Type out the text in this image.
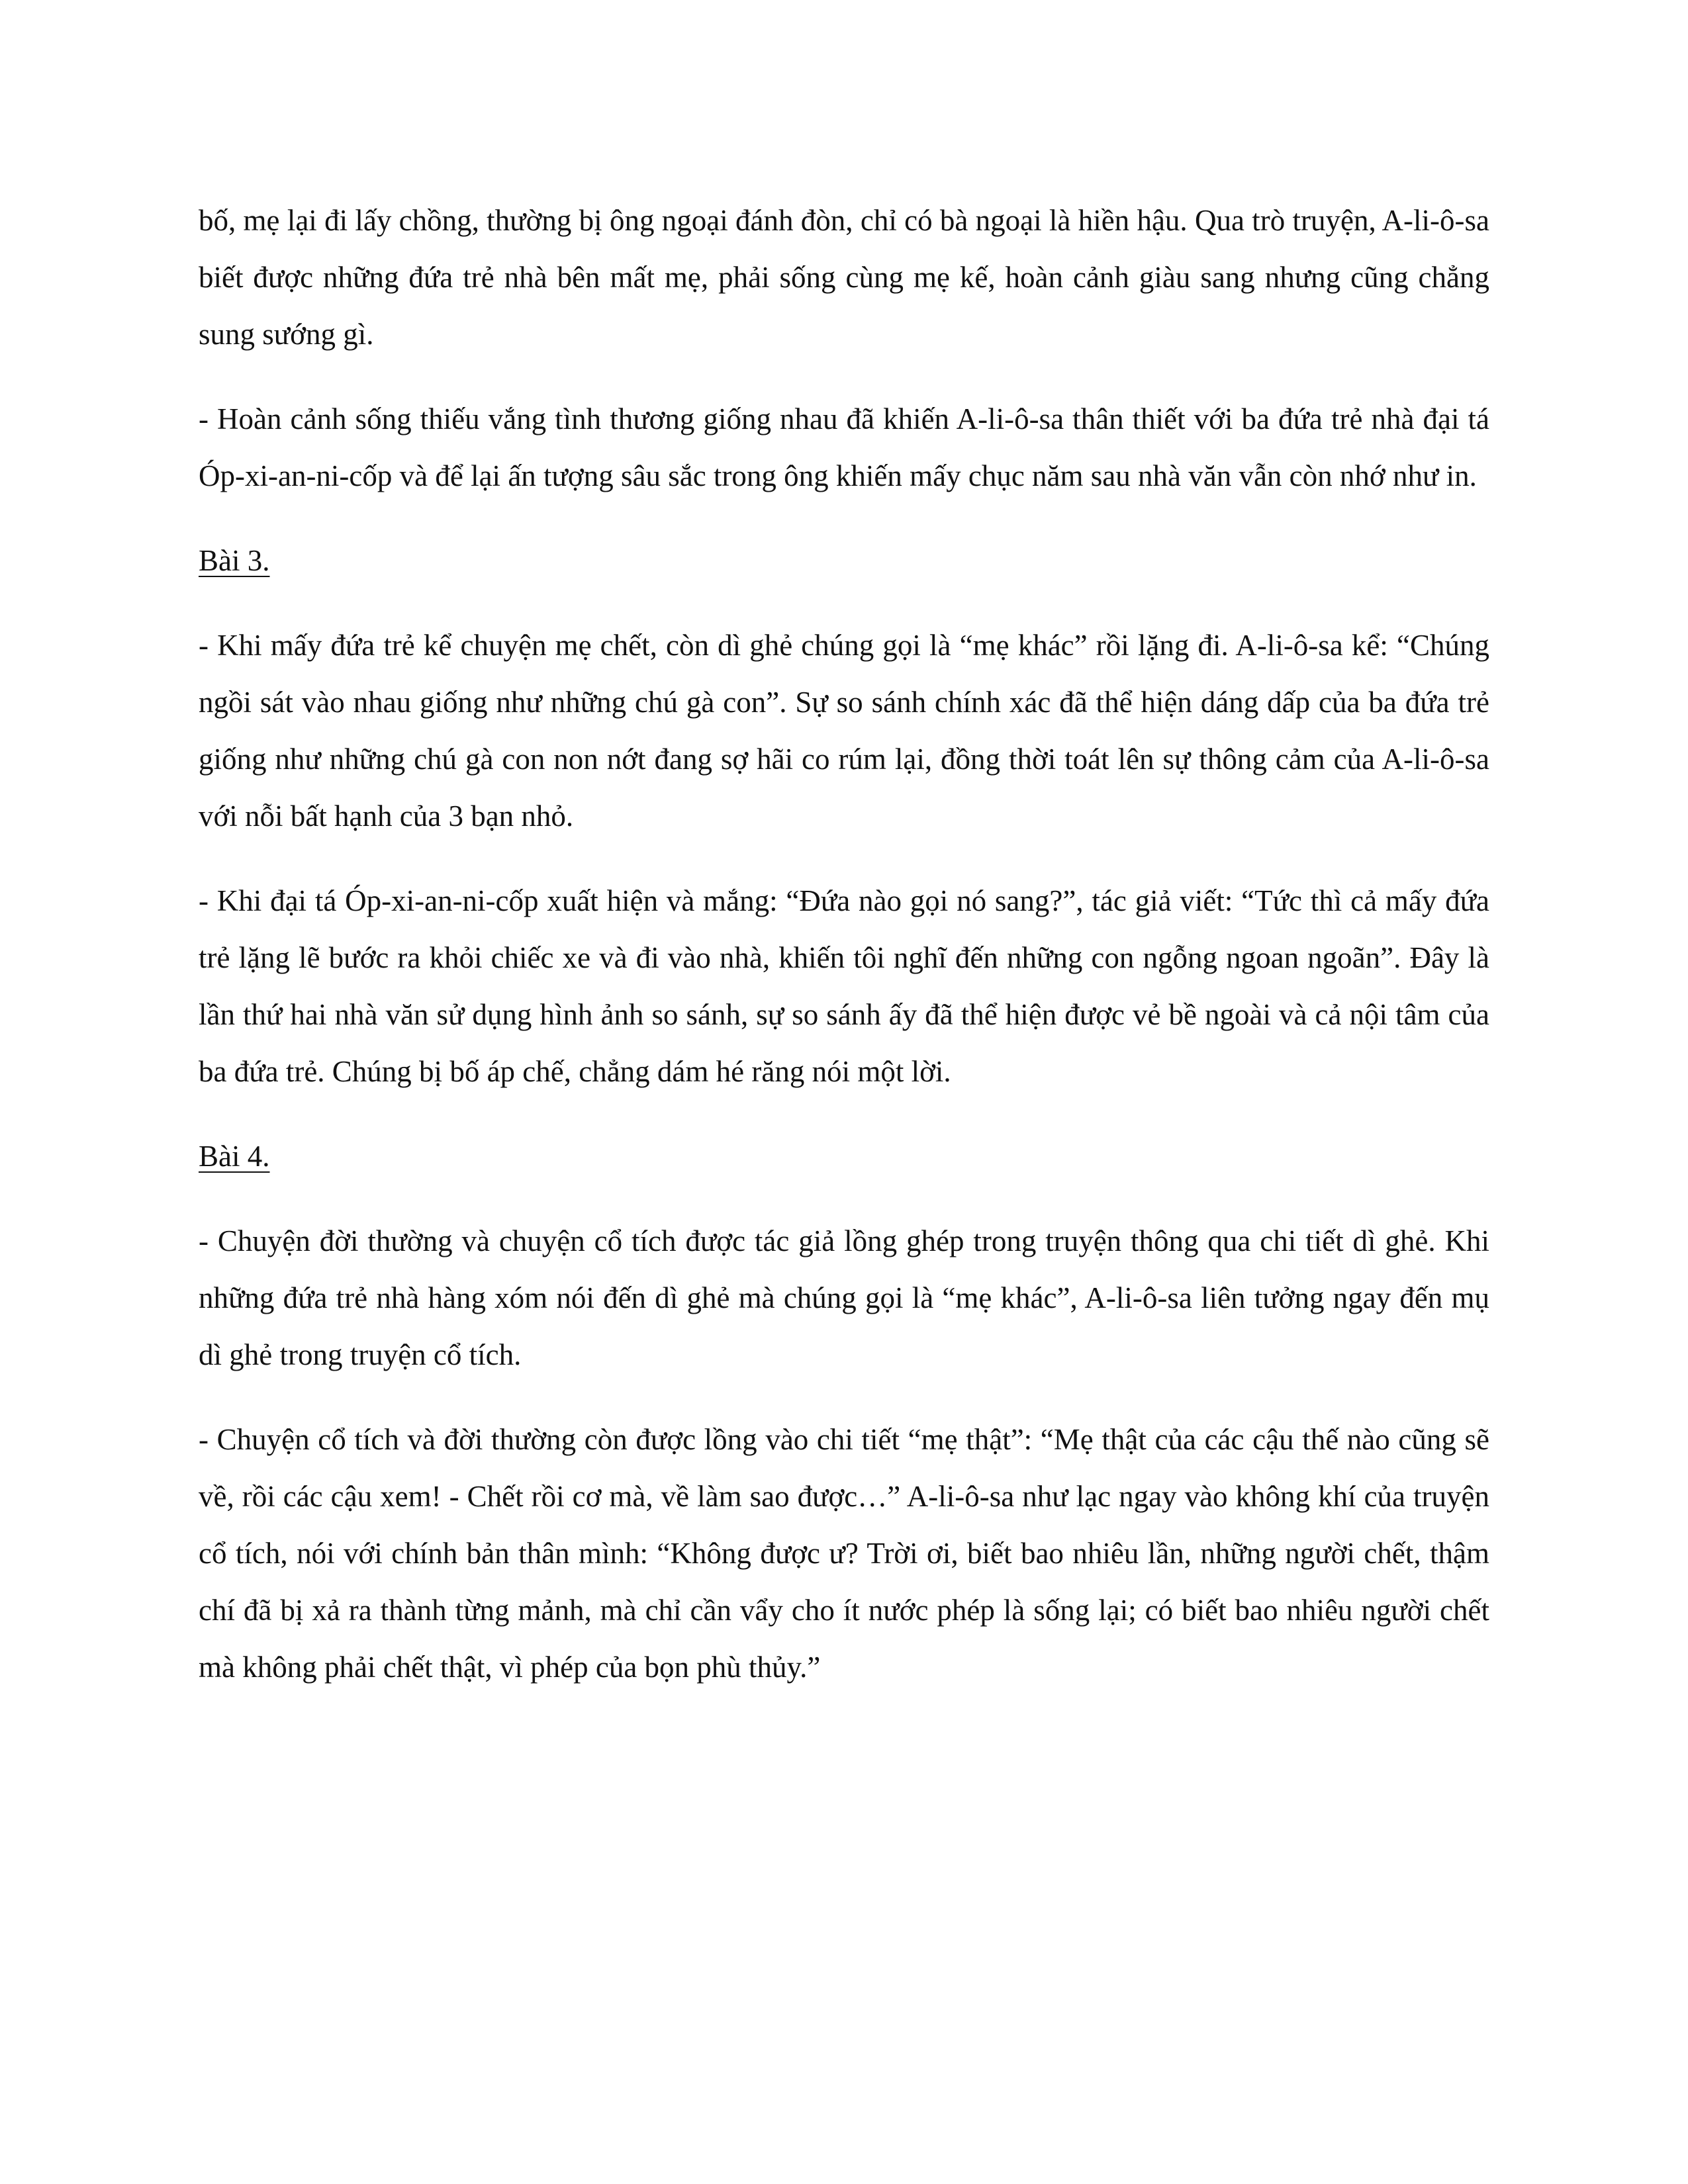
bố, mẹ lại đi lấy chồng, thường bị ông ngoại đánh đòn, chỉ có bà ngoại là hiền hậu. Qua trò truyện, A-li-ô-sa biết được những đứa trẻ nhà bên mất mẹ, phải sống cùng mẹ kế, hoàn cảnh giàu sang nhưng cũng chẳng sung sướng gì.

- Hoàn cảnh sống thiếu vắng tình thương giống nhau đã khiến A-li-ô-sa thân thiết với ba đứa trẻ nhà đại tá Óp-xi-an-ni-cốp và để lại ấn tượng sâu sắc trong ông khiến mấy chục năm sau nhà văn vẫn còn nhớ như in.

Bài 3.

- Khi mấy đứa trẻ kể chuyện mẹ chết, còn dì ghẻ chúng gọi là “mẹ khác” rồi lặng đi. A-li-ô-sa kể: “Chúng ngồi sát vào nhau giống như những chú gà con”. Sự so sánh chính xác đã thể hiện dáng dấp của ba đứa trẻ giống như những chú gà con non nớt đang sợ hãi co rúm lại, đồng thời toát lên sự thông cảm của A-li-ô-sa với nỗi bất hạnh của 3 bạn nhỏ.

- Khi đại tá Óp-xi-an-ni-cốp xuất hiện và mắng: “Đứa nào gọi nó sang?”, tác giả viết: “Tức thì cả mấy đứa trẻ lặng lẽ bước ra khỏi chiếc xe và đi vào nhà, khiến tôi nghĩ đến những con ngỗng ngoan ngoãn”. Đây là lần thứ hai nhà văn sử dụng hình ảnh so sánh, sự so sánh ấy đã thể hiện được vẻ bề ngoài và cả nội tâm của ba đứa trẻ. Chúng bị bố áp chế, chẳng dám hé răng nói một lời.

Bài 4.

- Chuyện đời thường và chuyện cổ tích được tác giả lồng ghép trong truyện thông qua chi tiết dì ghẻ. Khi những đứa trẻ nhà hàng xóm nói đến dì ghẻ mà chúng gọi là “mẹ khác”, A-li-ô-sa liên tưởng ngay đến mụ dì ghẻ trong truyện cổ tích.

- Chuyện cổ tích và đời thường còn được lồng vào chi tiết “mẹ thật”: “Mẹ thật của các cậu thế nào cũng sẽ về, rồi các cậu xem! - Chết rồi cơ mà, về làm sao được…” A-li-ô-sa như lạc ngay vào không khí của truyện cổ tích, nói với chính bản thân mình: “Không được ư? Trời ơi, biết bao nhiêu lần, những người chết, thậm chí đã bị xả ra thành từng mảnh, mà chỉ cần vẩy cho ít nước phép là sống lại; có biết bao nhiêu người chết mà không phải chết thật, vì phép của bọn phù thủy.”
